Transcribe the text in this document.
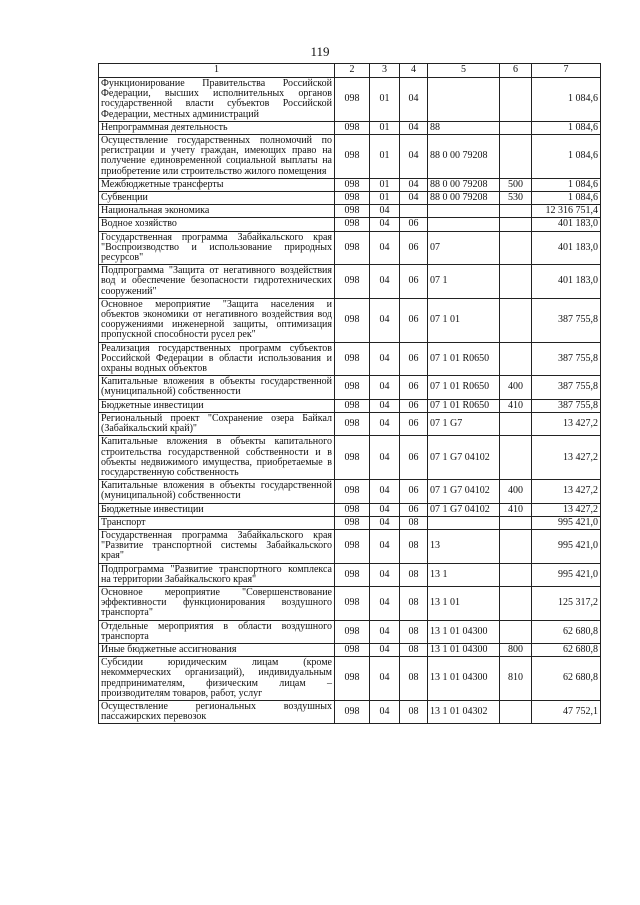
119
1	2	3	4	5	6	7
Функционирование Правительства Российской Федерации, высших исполнительных органов государственной власти субъектов Российской Федерации, местных администраций	098	01	04			1 084,6
Непрограммная деятельность	098	01	04	88		1 084,6
Осуществление государственных полномочий по регистрации и учету граждан, имеющих право на получение единовременной социальной выплаты на приобретение или строительство жилого помещения	098	01	04	88 0 00 79208		1 084,6
Межбюджетные трансферты	098	01	04	88 0 00 79208	500	1 084,6
Субвенции	098	01	04	88 0 00 79208	530	1 084,6
Национальная экономика	098	04				12 316 751,4
Водное хозяйство	098	04	06			401 183,0
Государственная программа Забайкальского края "Воспроизводство и использование природных ресурсов"	098	04	06	07		401 183,0
Подпрограмма "Защита от негативного воздействия вод и обеспечение безопасности гидротехнических сооружений"	098	04	06	07 1		401 183,0
Основное мероприятие "Защита населения и объектов экономики от негативного воздействия вод сооружениями инженерной защиты, оптимизация пропускной способности русел рек"	098	04	06	07 1 01		387 755,8
Реализация государственных программ субъектов Российской Федерации в области использования и охраны водных объектов	098	04	06	07 1 01 R0650		387 755,8
Капитальные вложения в объекты государственной (муниципальной) собственности	098	04	06	07 1 01 R0650	400	387 755,8
Бюджетные инвестиции	098	04	06	07 1 01 R0650	410	387 755,8
Региональный проект "Сохранение озера Байкал (Забайкальский край)"	098	04	06	07 1 G7		13 427,2
Капитальные вложения в объекты капитального строительства государственной собственности и в объекты недвижимого имущества, приобретаемые в государственную собственность	098	04	06	07 1 G7 04102		13 427,2
Капитальные вложения в объекты государственной (муниципальной) собственности	098	04	06	07 1 G7 04102	400	13 427,2
Бюджетные инвестиции	098	04	06	07 1 G7 04102	410	13 427,2
Транспорт	098	04	08			995 421,0
Государственная программа Забайкальского края "Развитие транспортной системы Забайкальского края"	098	04	08	13		995 421,0
Подпрограмма "Развитие транспортного комплекса на территории Забайкальского края"	098	04	08	13 1		995 421,0
Основное мероприятие "Совершенствование эффективности функционирования воздушного транспорта"	098	04	08	13 1 01		125 317,2
Отдельные мероприятия в области воздушного транспорта	098	04	08	13 1 01 04300		62 680,8
Иные бюджетные ассигнования	098	04	08	13 1 01 04300	800	62 680,8
Субсидии юридическим лицам (кроме некоммерческих организаций), индивидуальным предпринимателям, физическим лицам – производителям товаров, работ, услуг	098	04	08	13 1 01 04300	810	62 680,8
Осуществление региональных воздушных пассажирских перевозок	098	04	08	13 1 01 04302		47 752,1
